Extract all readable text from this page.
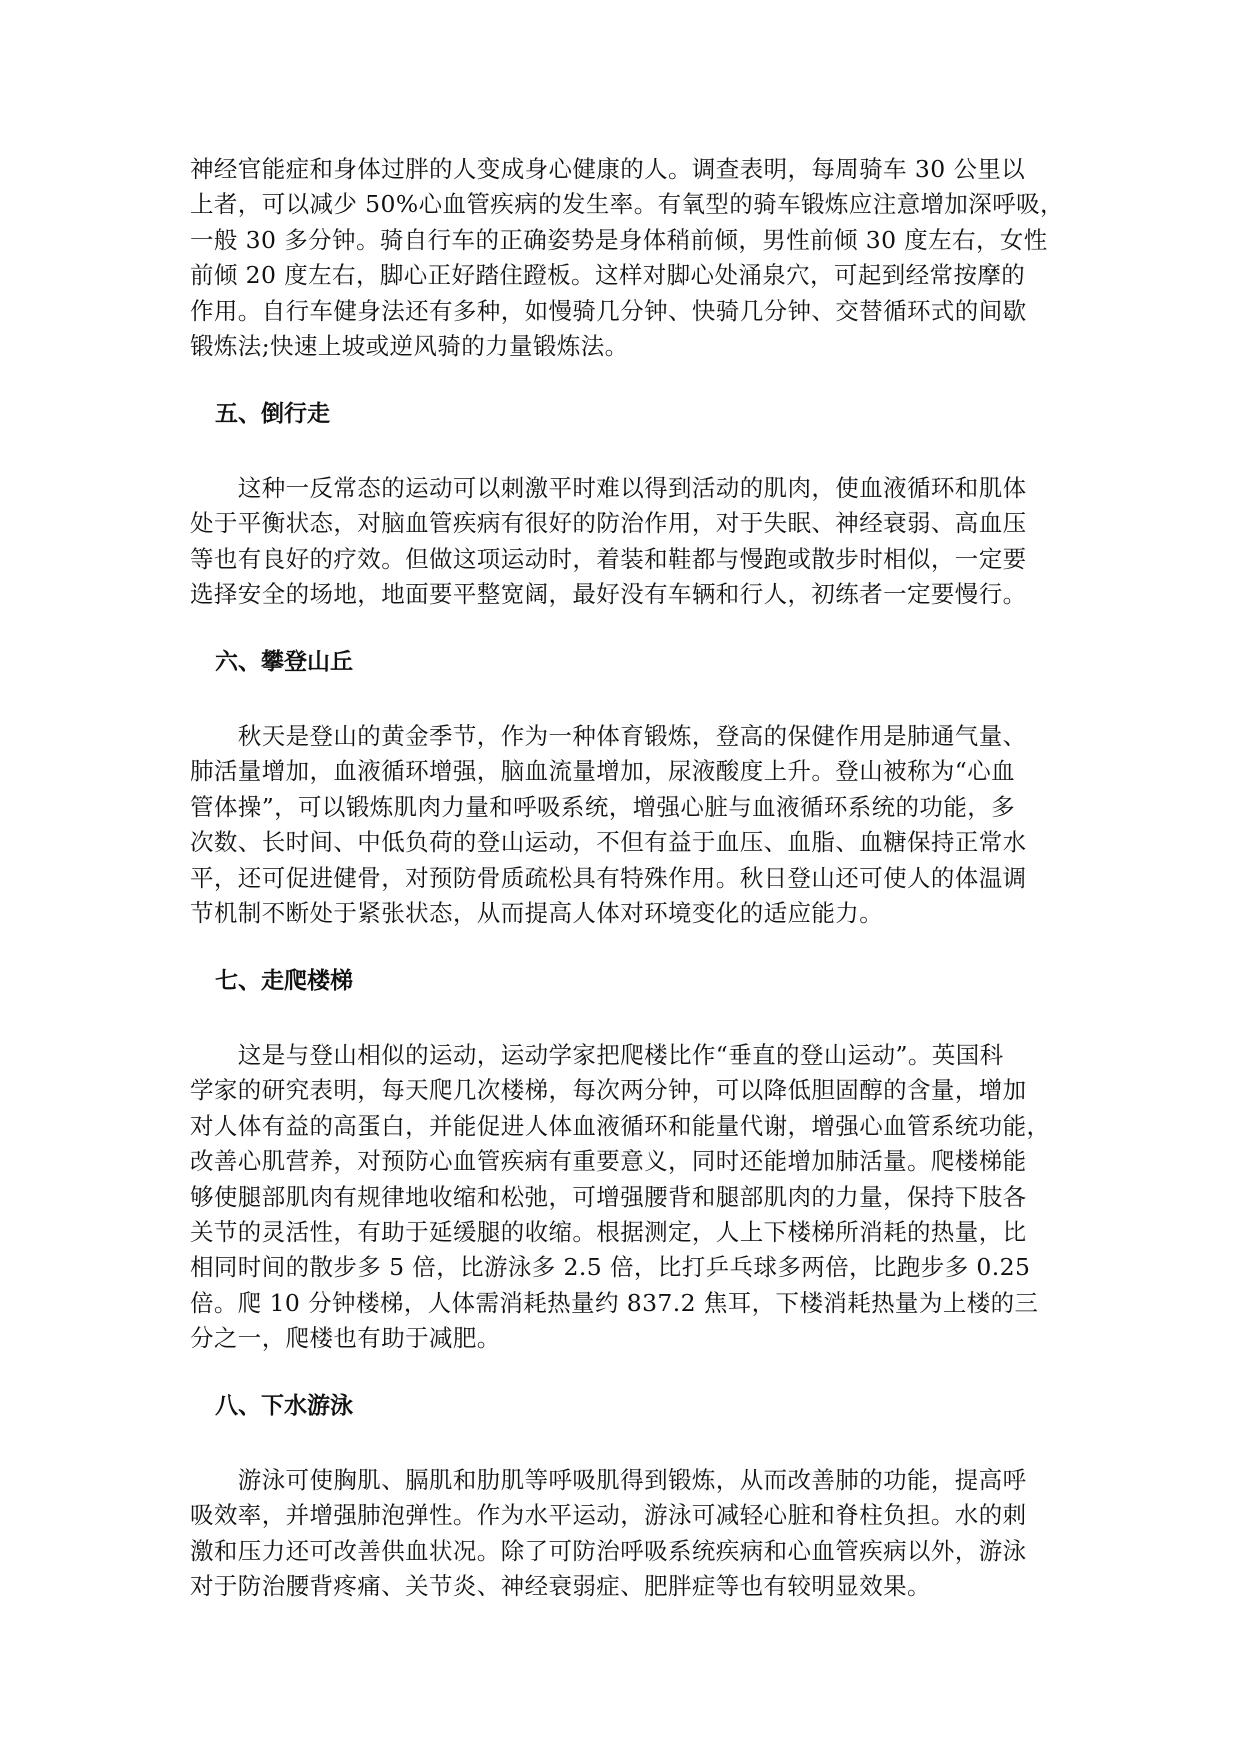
神经官能症和身体过胖的人变成身心健康的人。调查表明，每周骑车 30 公里以
上者，可以减少 50%心血管疾病的发生率。有氧型的骑车锻炼应注意增加深呼吸，
一般 30 多分钟。骑自行车的正确姿势是身体稍前倾，男性前倾 30 度左右，女性
前倾 20 度左右，脚心正好踏住蹬板。这样对脚心处涌泉穴，可起到经常按摩的
作用。自行车健身法还有多种，如慢骑几分钟、快骑几分钟、交替循环式的间歇
锻炼法;快速上坡或逆风骑的力量锻炼法。
五、倒行走
　　这种一反常态的运动可以刺激平时难以得到活动的肌肉，使血液循环和肌体
处于平衡状态，对脑血管疾病有很好的防治作用，对于失眠、神经衰弱、高血压
等也有良好的疗效。但做这项运动时，着装和鞋都与慢跑或散步时相似，一定要
选择安全的场地，地面要平整宽阔，最好没有车辆和行人，初练者一定要慢行。
六、攀登山丘
　　秋天是登山的黄金季节，作为一种体育锻炼，登高的保健作用是肺通气量、
肺活量增加，血液循环增强，脑血流量增加，尿液酸度上升。登山被称为“心血
管体操”，可以锻炼肌肉力量和呼吸系统，增强心脏与血液循环系统的功能，多
次数、长时间、中低负荷的登山运动，不但有益于血压、血脂、血糖保持正常水
平，还可促进健骨，对预防骨质疏松具有特殊作用。秋日登山还可使人的体温调
节机制不断处于紧张状态，从而提高人体对环境变化的适应能力。
七、走爬楼梯
　　这是与登山相似的运动，运动学家把爬楼比作“垂直的登山运动”。英国科
学家的研究表明，每天爬几次楼梯，每次两分钟，可以降低胆固醇的含量，增加
对人体有益的高蛋白，并能促进人体血液循环和能量代谢，增强心血管系统功能，
改善心肌营养，对预防心血管疾病有重要意义，同时还能增加肺活量。爬楼梯能
够使腿部肌肉有规律地收缩和松弛，可增强腰背和腿部肌肉的力量，保持下肢各
关节的灵活性，有助于延缓腿的收缩。根据测定，人上下楼梯所消耗的热量，比
相同时间的散步多 5 倍，比游泳多 2.5 倍，比打乒乓球多两倍，比跑步多 0.25
倍。爬 10 分钟楼梯，人体需消耗热量约 837.2 焦耳，下楼消耗热量为上楼的三
分之一，爬楼也有助于减肥。
八、下水游泳
　　游泳可使胸肌、膈肌和肋肌等呼吸肌得到锻炼，从而改善肺的功能，提高呼
吸效率，并增强肺泡弹性。作为水平运动，游泳可减轻心脏和脊柱负担。水的刺
激和压力还可改善供血状况。除了可防治呼吸系统疾病和心血管疾病以外，游泳
对于防治腰背疼痛、关节炎、神经衰弱症、肥胖症等也有较明显效果。
